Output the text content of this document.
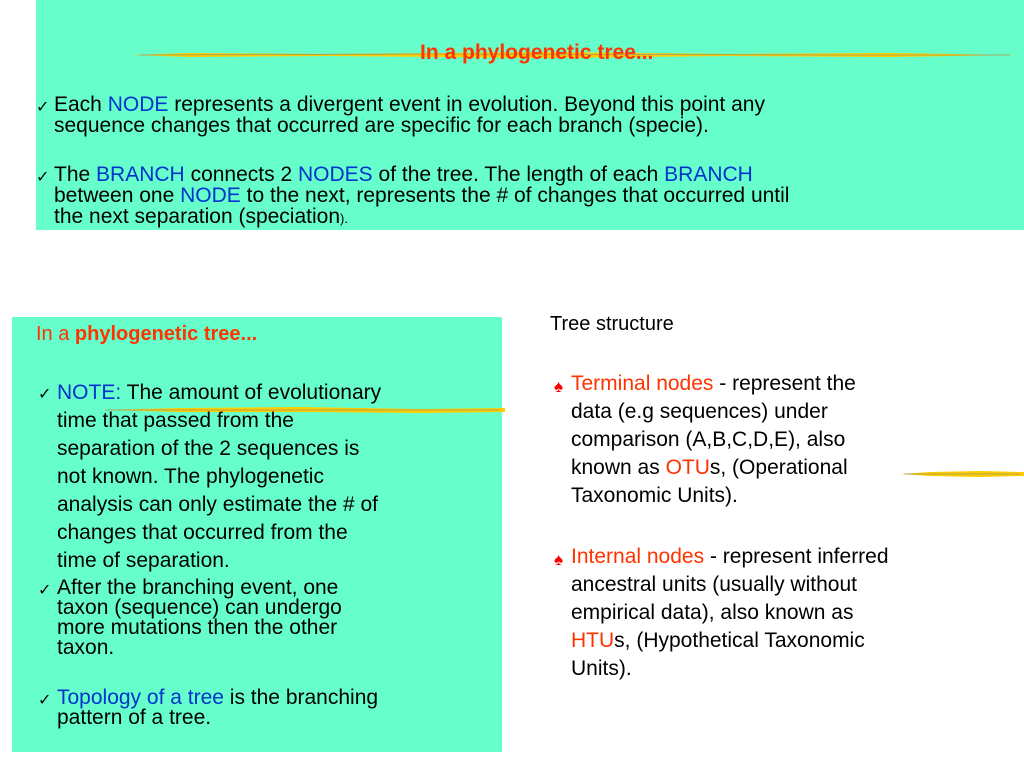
In a phylogenetic tree...
✓ Each NODE represents a divergent event in evolution. Beyond this point any
sequence changes that occurred are specific for each branch (specie).
✓ The BRANCH connects 2 NODES of the tree. The length of each BRANCH
between one NODE to the next, represents the # of changes that occurred until
the next separation (speciation).
In a phylogenetic tree...
✓ NOTE: The amount of evolutionary
time that passed from the
separation of the 2 sequences is
not known. The phylogenetic
analysis can only estimate the # of
changes that occurred from the
time of separation.
✓ After the branching event, one
taxon (sequence) can undergo
more mutations then the other
taxon.
✓ Topology of a tree is the branching
pattern of a tree.
Tree structure
♠ Terminal nodes - represent the
data (e.g sequences) under
comparison (A,B,C,D,E), also
known as OTUs, (Operational
Taxonomic Units).
♠ Internal nodes - represent inferred
ancestral units (usually without
empirical data), also known as
HTUs, (Hypothetical Taxonomic
Units).
